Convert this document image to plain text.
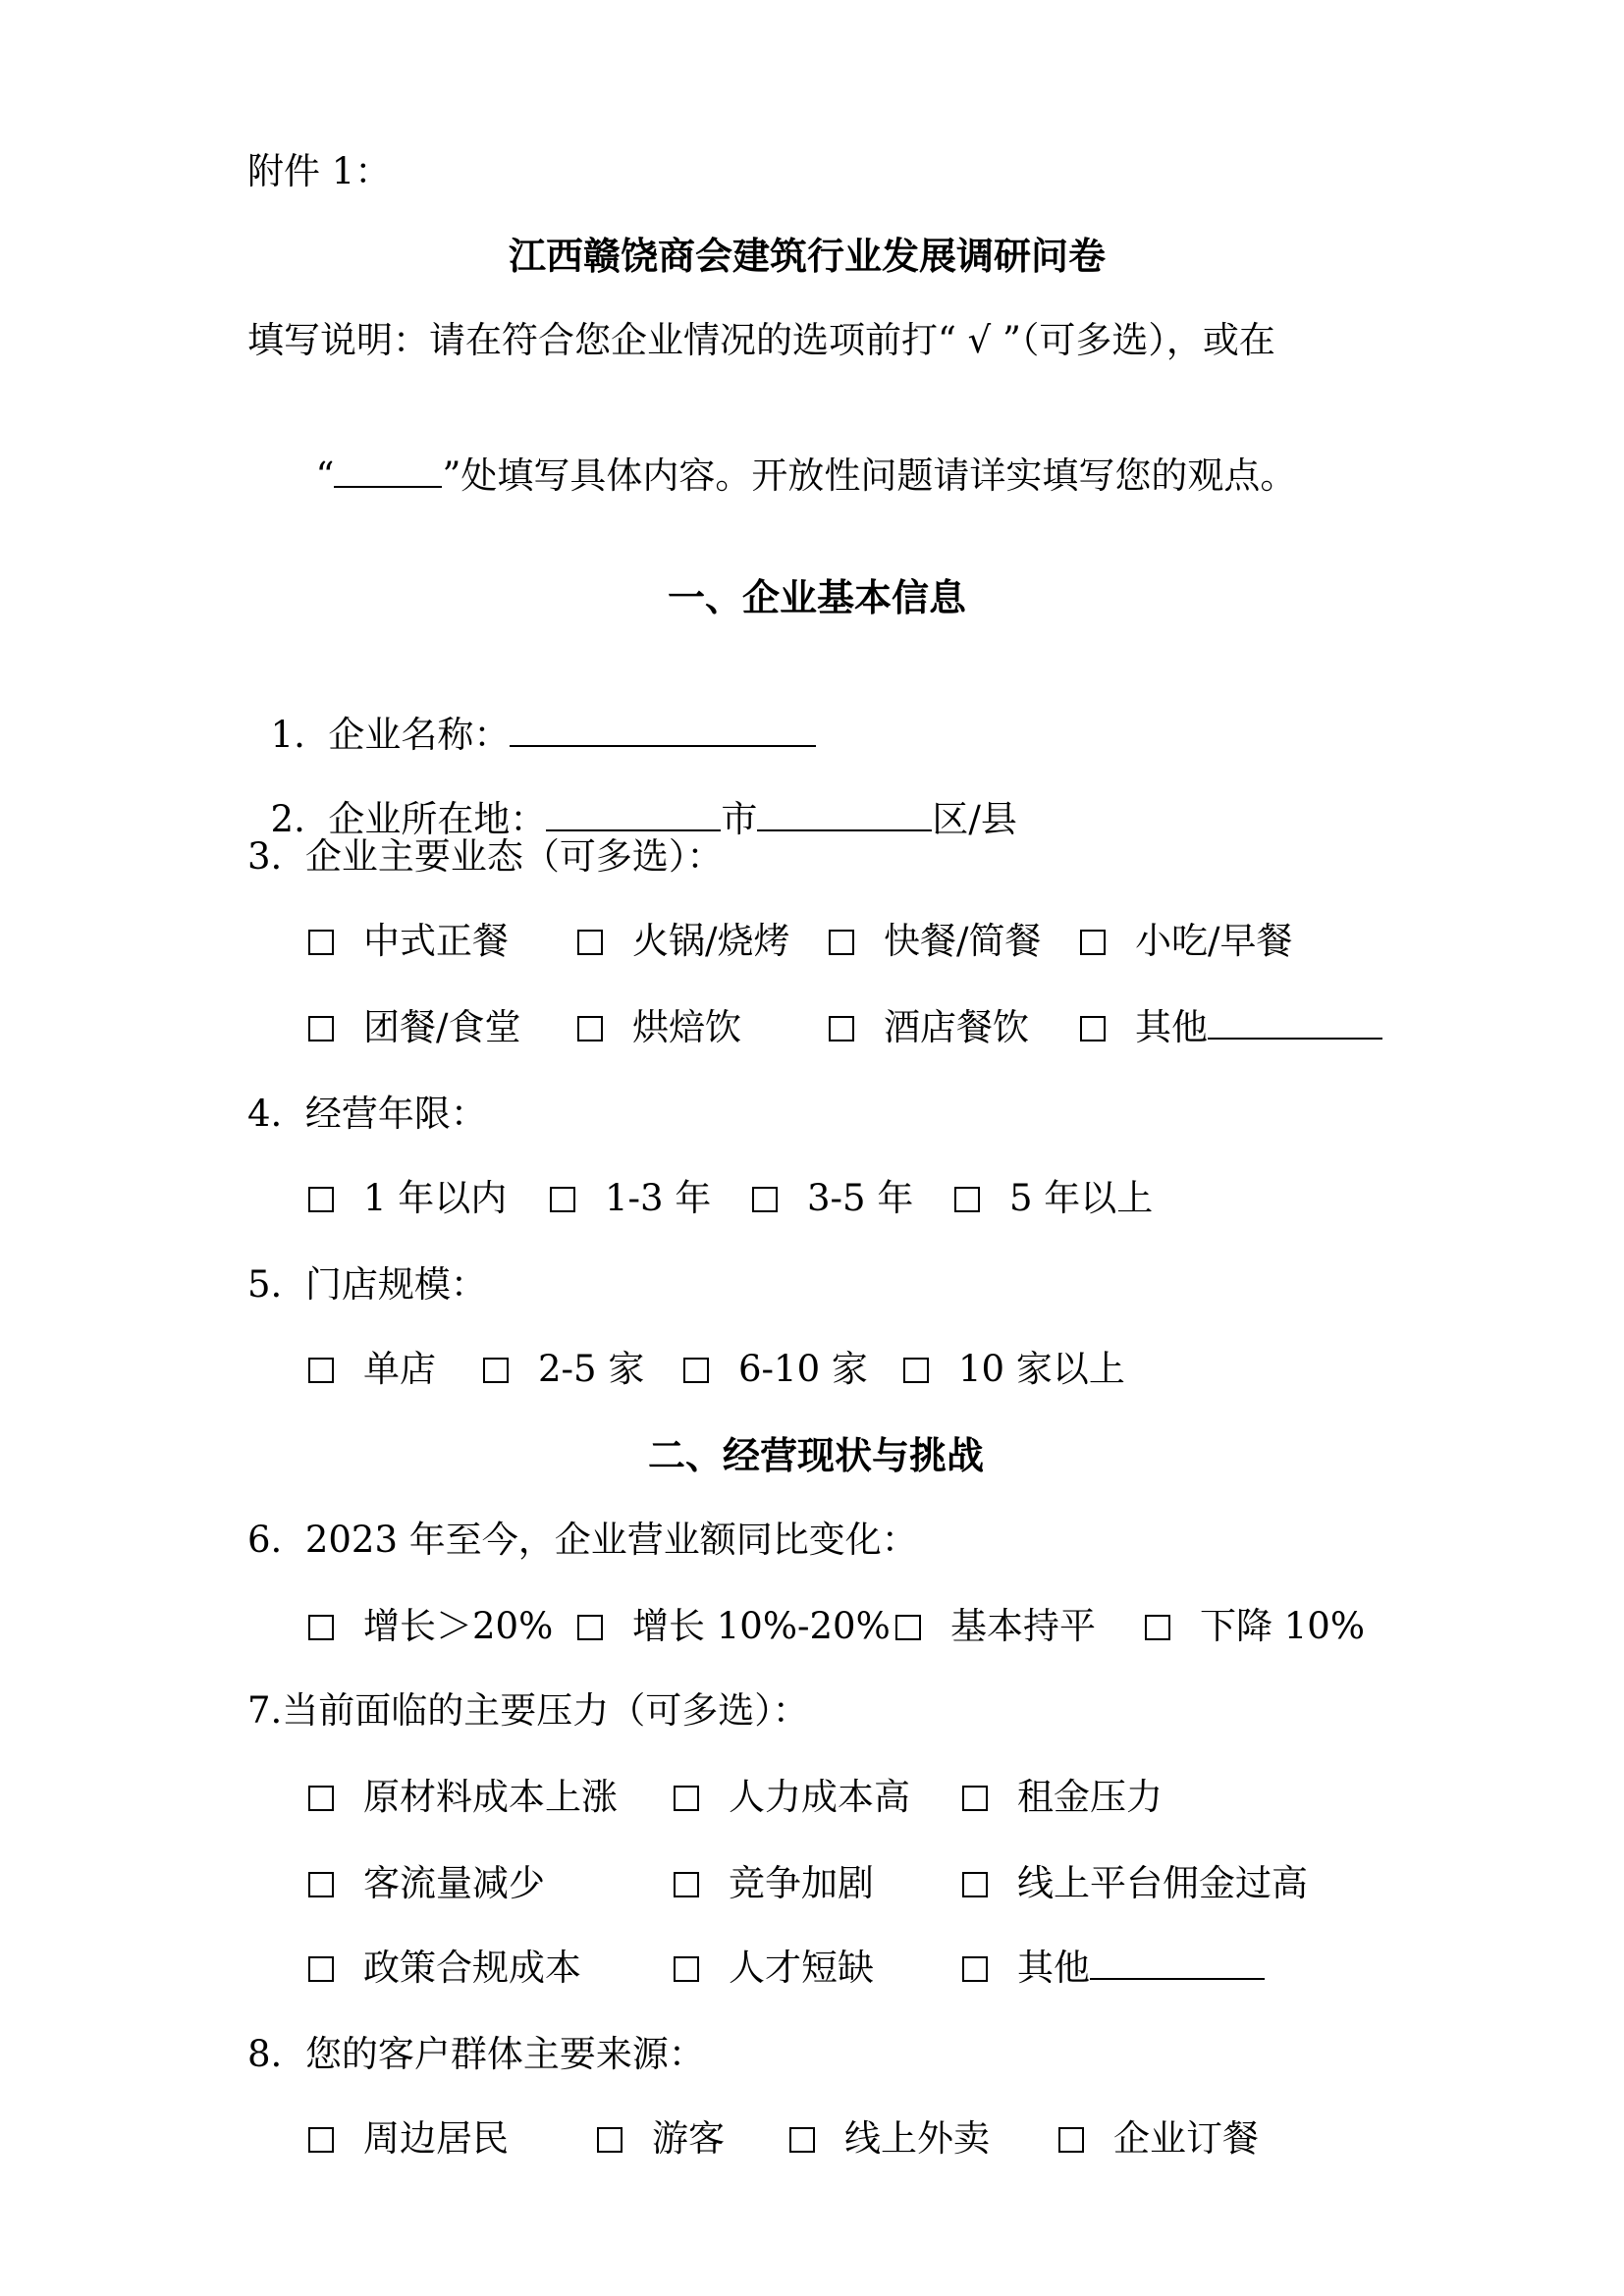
附件 1：
江西赣饶商会建筑行业发展调研问卷
填写说明：请在符合您企业情况的选项前打“ √ ”（可多选），或在

“	”处填写具体内容。开放性问题请详实填写您的观点。

一、企业基本信息

1.  企业名称：

2.  企业所在地：	市	区/县

3.  企业主要业态（可多选）：
中式正餐	火锅/烧烤	快餐/简餐	小吃/早餐
团餐/食堂	烘焙饮	酒店餐饮	其他
4.  经营年限：
1 年以内	1-3 年	3-5 年	5 年以上
5.  门店规模：
单店	2-5 家	6-10 家	10 家以上
二、经营现状与挑战
6.  2023 年至今，企业营业额同比变化：
增长＞20%	增长 10%-20%	基本持平	下降 10%
7.当前面临的主要压力（可多选）：
原材料成本上涨	人力成本高	租金压力
客流量减少	竞争加剧	线上平台佣金过高
政策合规成本	人才短缺	其他
8.  您的客户群体主要来源：
周边居民	游客	线上外卖	企业订餐
